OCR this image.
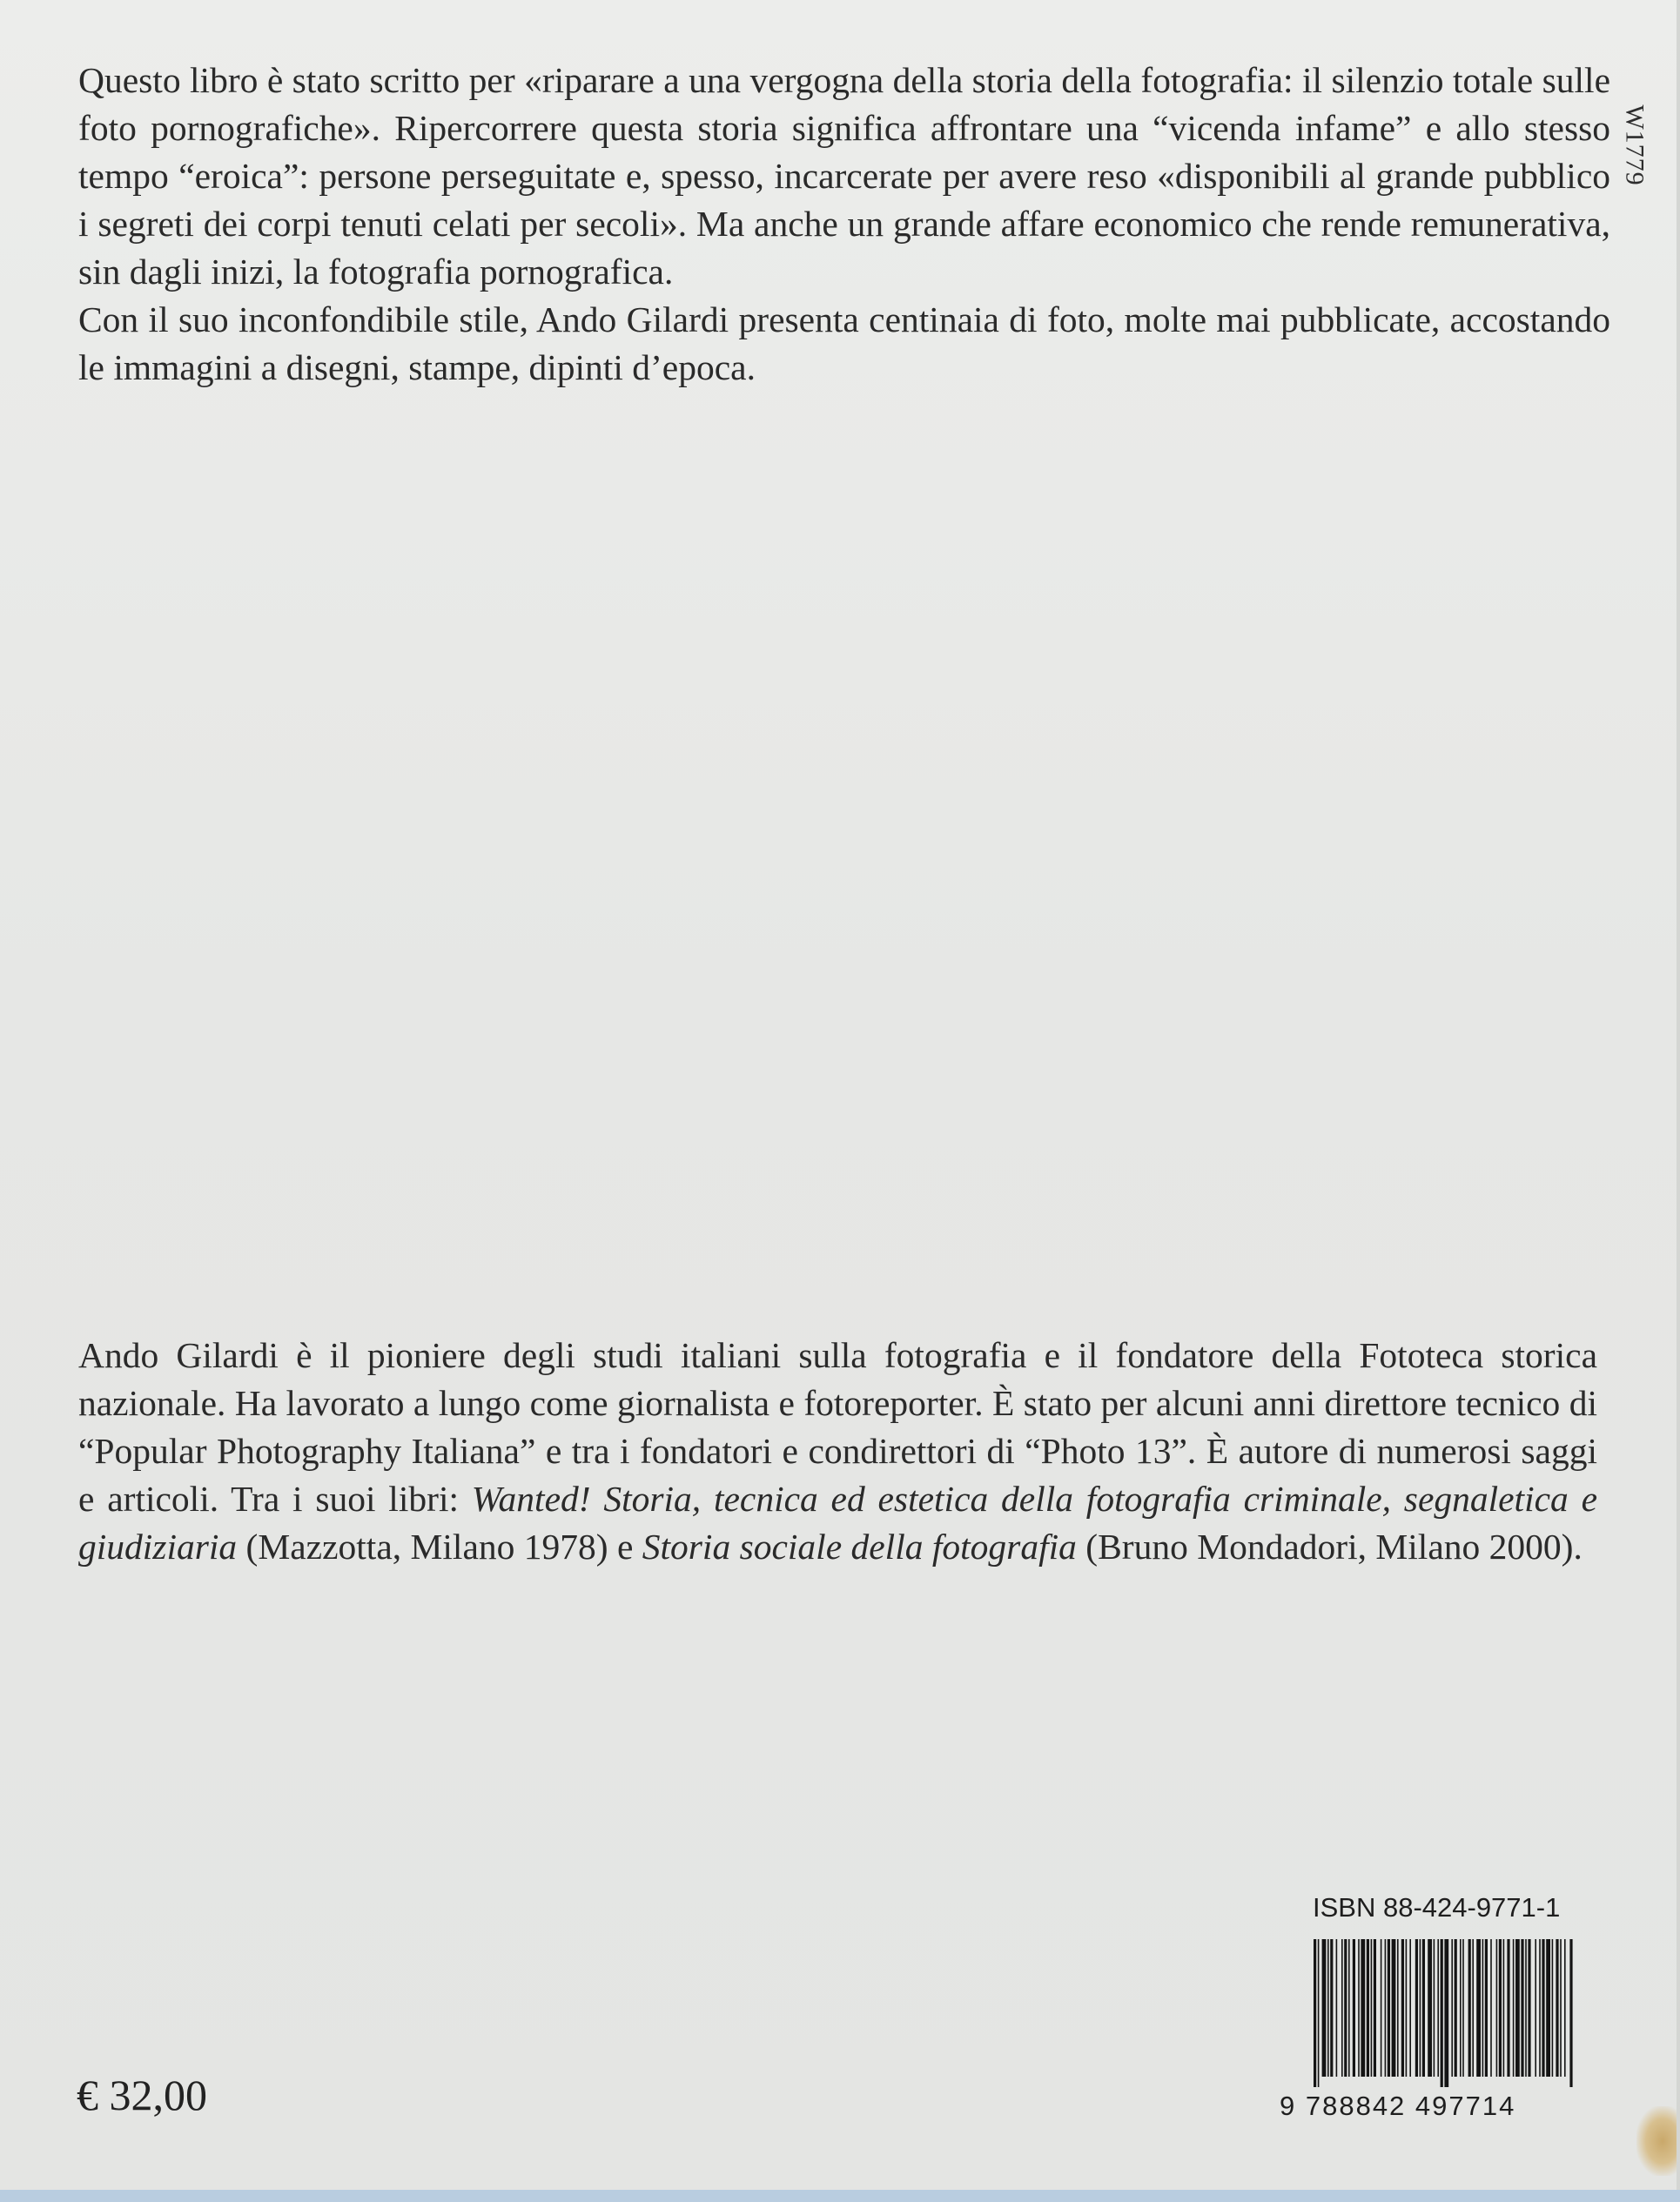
Questo libro è stato scritto per «riparare a una vergogna della storia della fotografia: il silenzio totale sulle foto pornografiche». Ripercorrere questa storia significa affrontare una “vicenda infame” e allo stesso tempo “eroica”: persone perseguitate e, spesso, incarcerate per avere reso «disponibili al grande pubblico i segreti dei corpi tenuti celati per secoli». Ma anche un grande affare economico che rende remunerativa, sin dagli inizi, la fotografia pornografica.

Con il suo inconfondibile stile, Ando Gilardi presenta centinaia di foto, molte mai pubblicate, accostando le immagini a disegni, stampe, dipinti d’epoca.

Ando Gilardi è il pioniere degli studi italiani sulla fotografia e il fondatore della Fototeca storica nazionale. Ha lavorato a lungo come giornalista e fotoreporter. È stato per alcuni anni direttore tecnico di “Popular Photography Italiana” e tra i fondatori e condirettori di “Photo 13”. È autore di numerosi saggi e articoli. Tra i suoi libri: Wanted! Storia, tecnica ed estetica della fotografia criminale, segnaletica e giudiziaria (Mazzotta, Milano 1978) e Storia sociale della fotografia (Bruno Mondadori, Milano 2000).

W1779
€ 32,00
ISBN 88-424-9771-1
9 788842 497714
